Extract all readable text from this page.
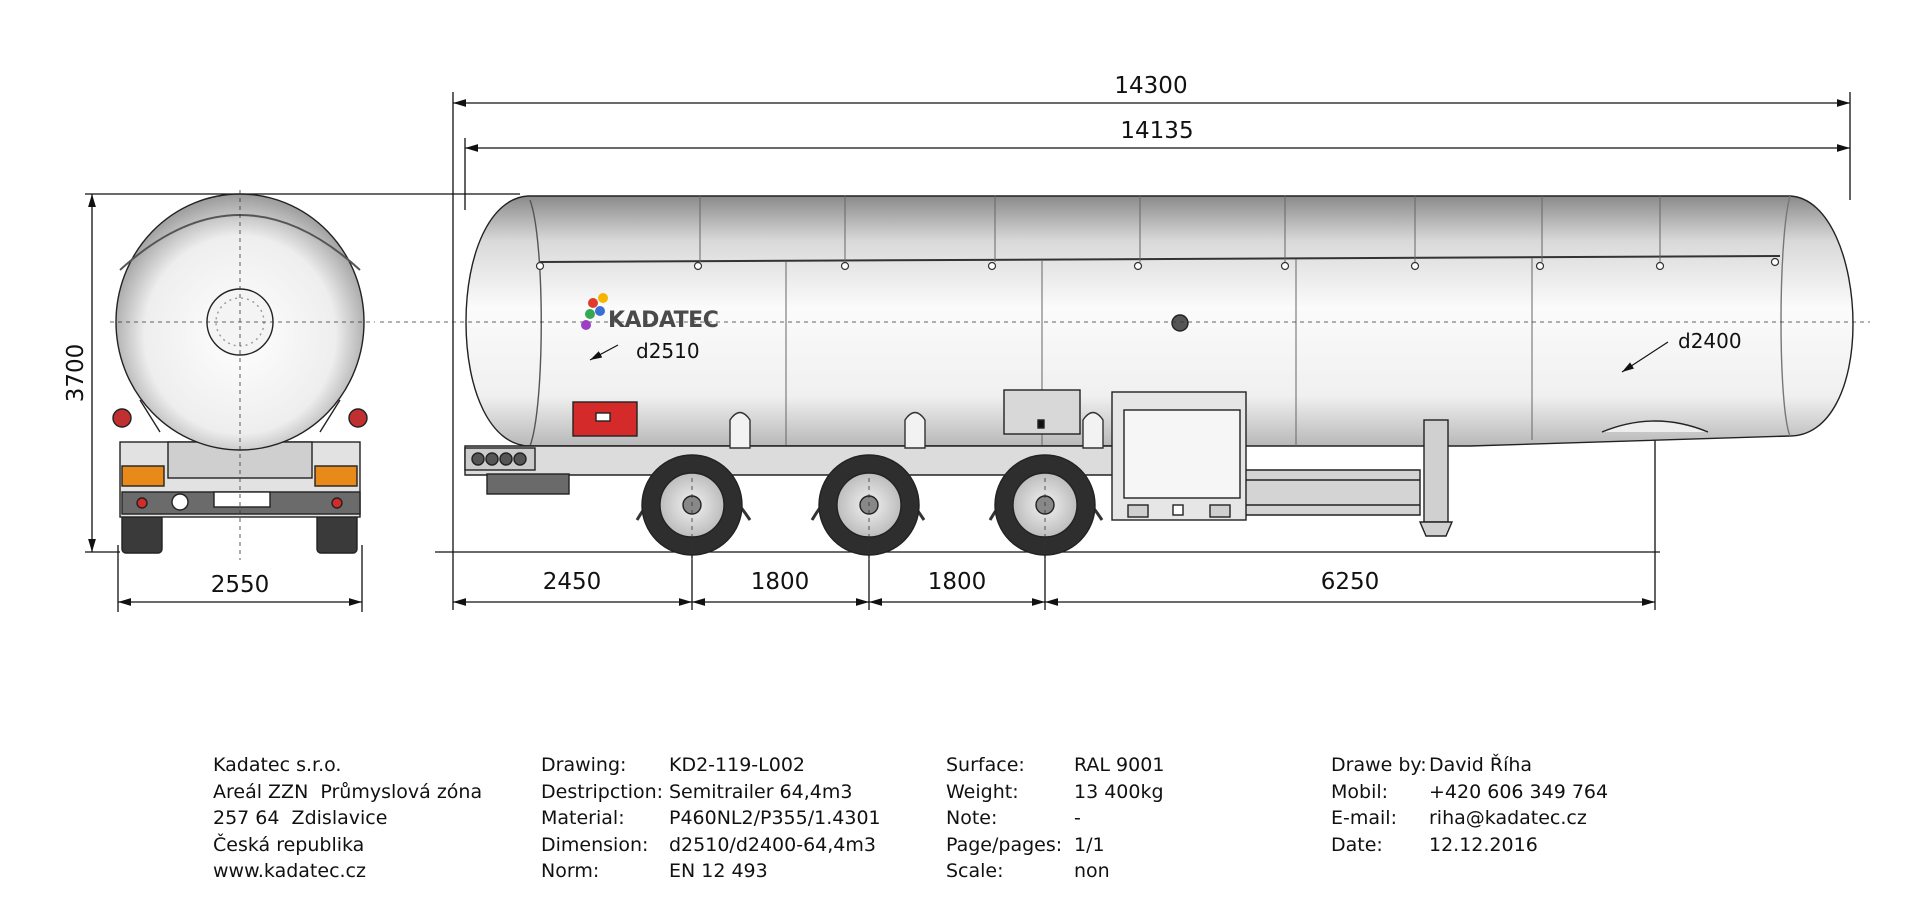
14300
14135
3700
2550	2450	1800	1800	6250
KADATEC
d2510	d2400
Kadatec s.r.o.
Areál ZZN  Průmyslová zóna
257 64  Zdislavice
Česká republika
www.kadatec.cz
Drawing:	KD2-119-L002
Destripction: Semitrailer 64,4m3
Material:	P460NL2/P355/1.4301
Dimension:	d2510/d2400-64,4m3
Norm:	EN 12 493
Surface:	RAL 9001
Weight:	13 400kg
Note:	-
Page/pages: 1/1
Scale:	non
Drawe by: David Říha
Mobil:	+420 606 349 764
E-mail:	riha@kadatec.cz
Date:	12.12.2016
